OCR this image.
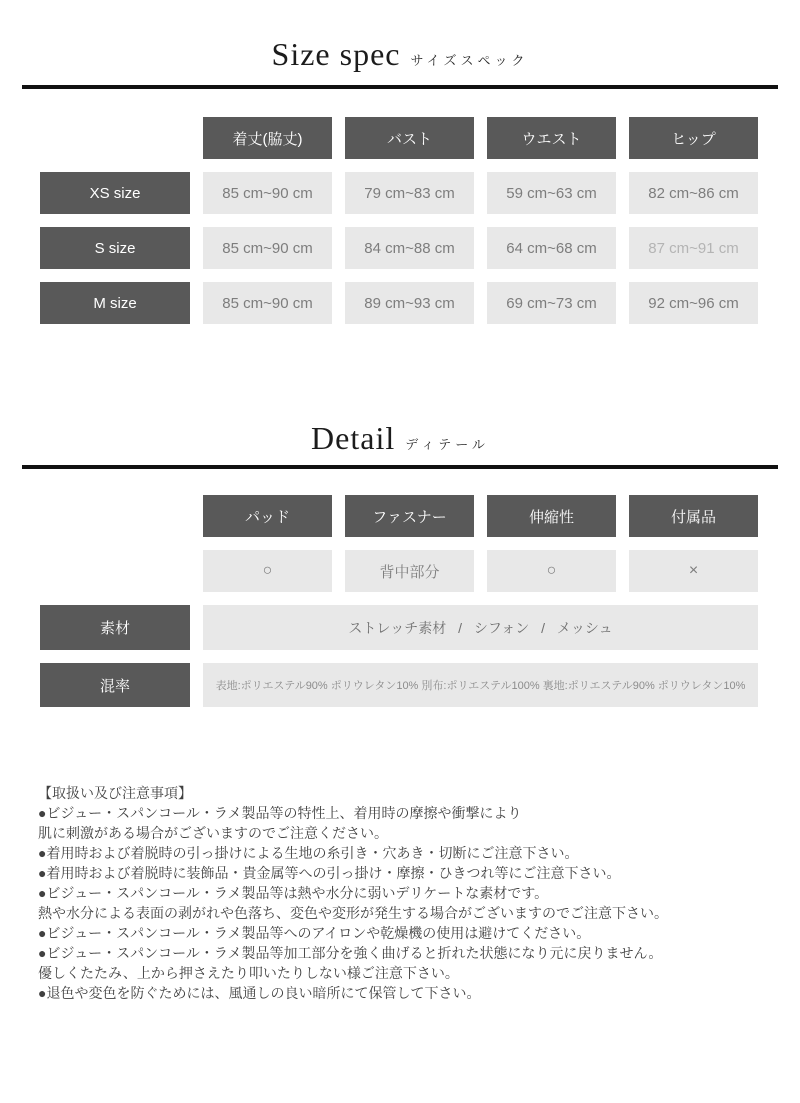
Size spec サイズスペック
着丈(脇丈)	バスト	ウエスト	ヒップ
XS size	85 cm~90 cm	79 cm~83 cm	59 cm~63 cm	82 cm~86 cm
S size	85 cm~90 cm	84 cm~88 cm	64 cm~68 cm	87 cm~91 cm
M size	85 cm~90 cm	89 cm~93 cm	69 cm~73 cm	92 cm~96 cm
Detail ディテール
パッド	ファスナー	伸縮性	付属品
○	背中部分	○	×
素材	ストレッチ素材 / シフォン / メッシュ
混率	表地:ポリエステル90% ポリウレタン10% 別布:ポリエステル100% 裏地:ポリエステル90% ポリウレタン10%

【取扱い及び注意事項】

●ビジュー・スパンコール・ラメ製品等の特性上、着用時の摩擦や衝撃により

肌に刺激がある場合がございますのでご注意ください。

●着用時および着脱時の引っ掛けによる生地の糸引き・穴あき・切断にご注意下さい。

●着用時および着脱時に装飾品・貴金属等への引っ掛け・摩擦・ひきつれ等にご注意下さい。

●ビジュー・スパンコール・ラメ製品等は熱や水分に弱いデリケートな素材です。

熱や水分による表面の剥がれや色落ち、変色や変形が発生する場合がございますのでご注意下さい。

●ビジュー・スパンコール・ラメ製品等へのアイロンや乾燥機の使用は避けてください。

●ビジュー・スパンコール・ラメ製品等加工部分を強く曲げると折れた状態になり元に戻りません。

優しくたたみ、上から押さえたり叩いたりしない様ご注意下さい。

●退色や変色を防ぐためには、風通しの良い暗所にて保管して下さい。
